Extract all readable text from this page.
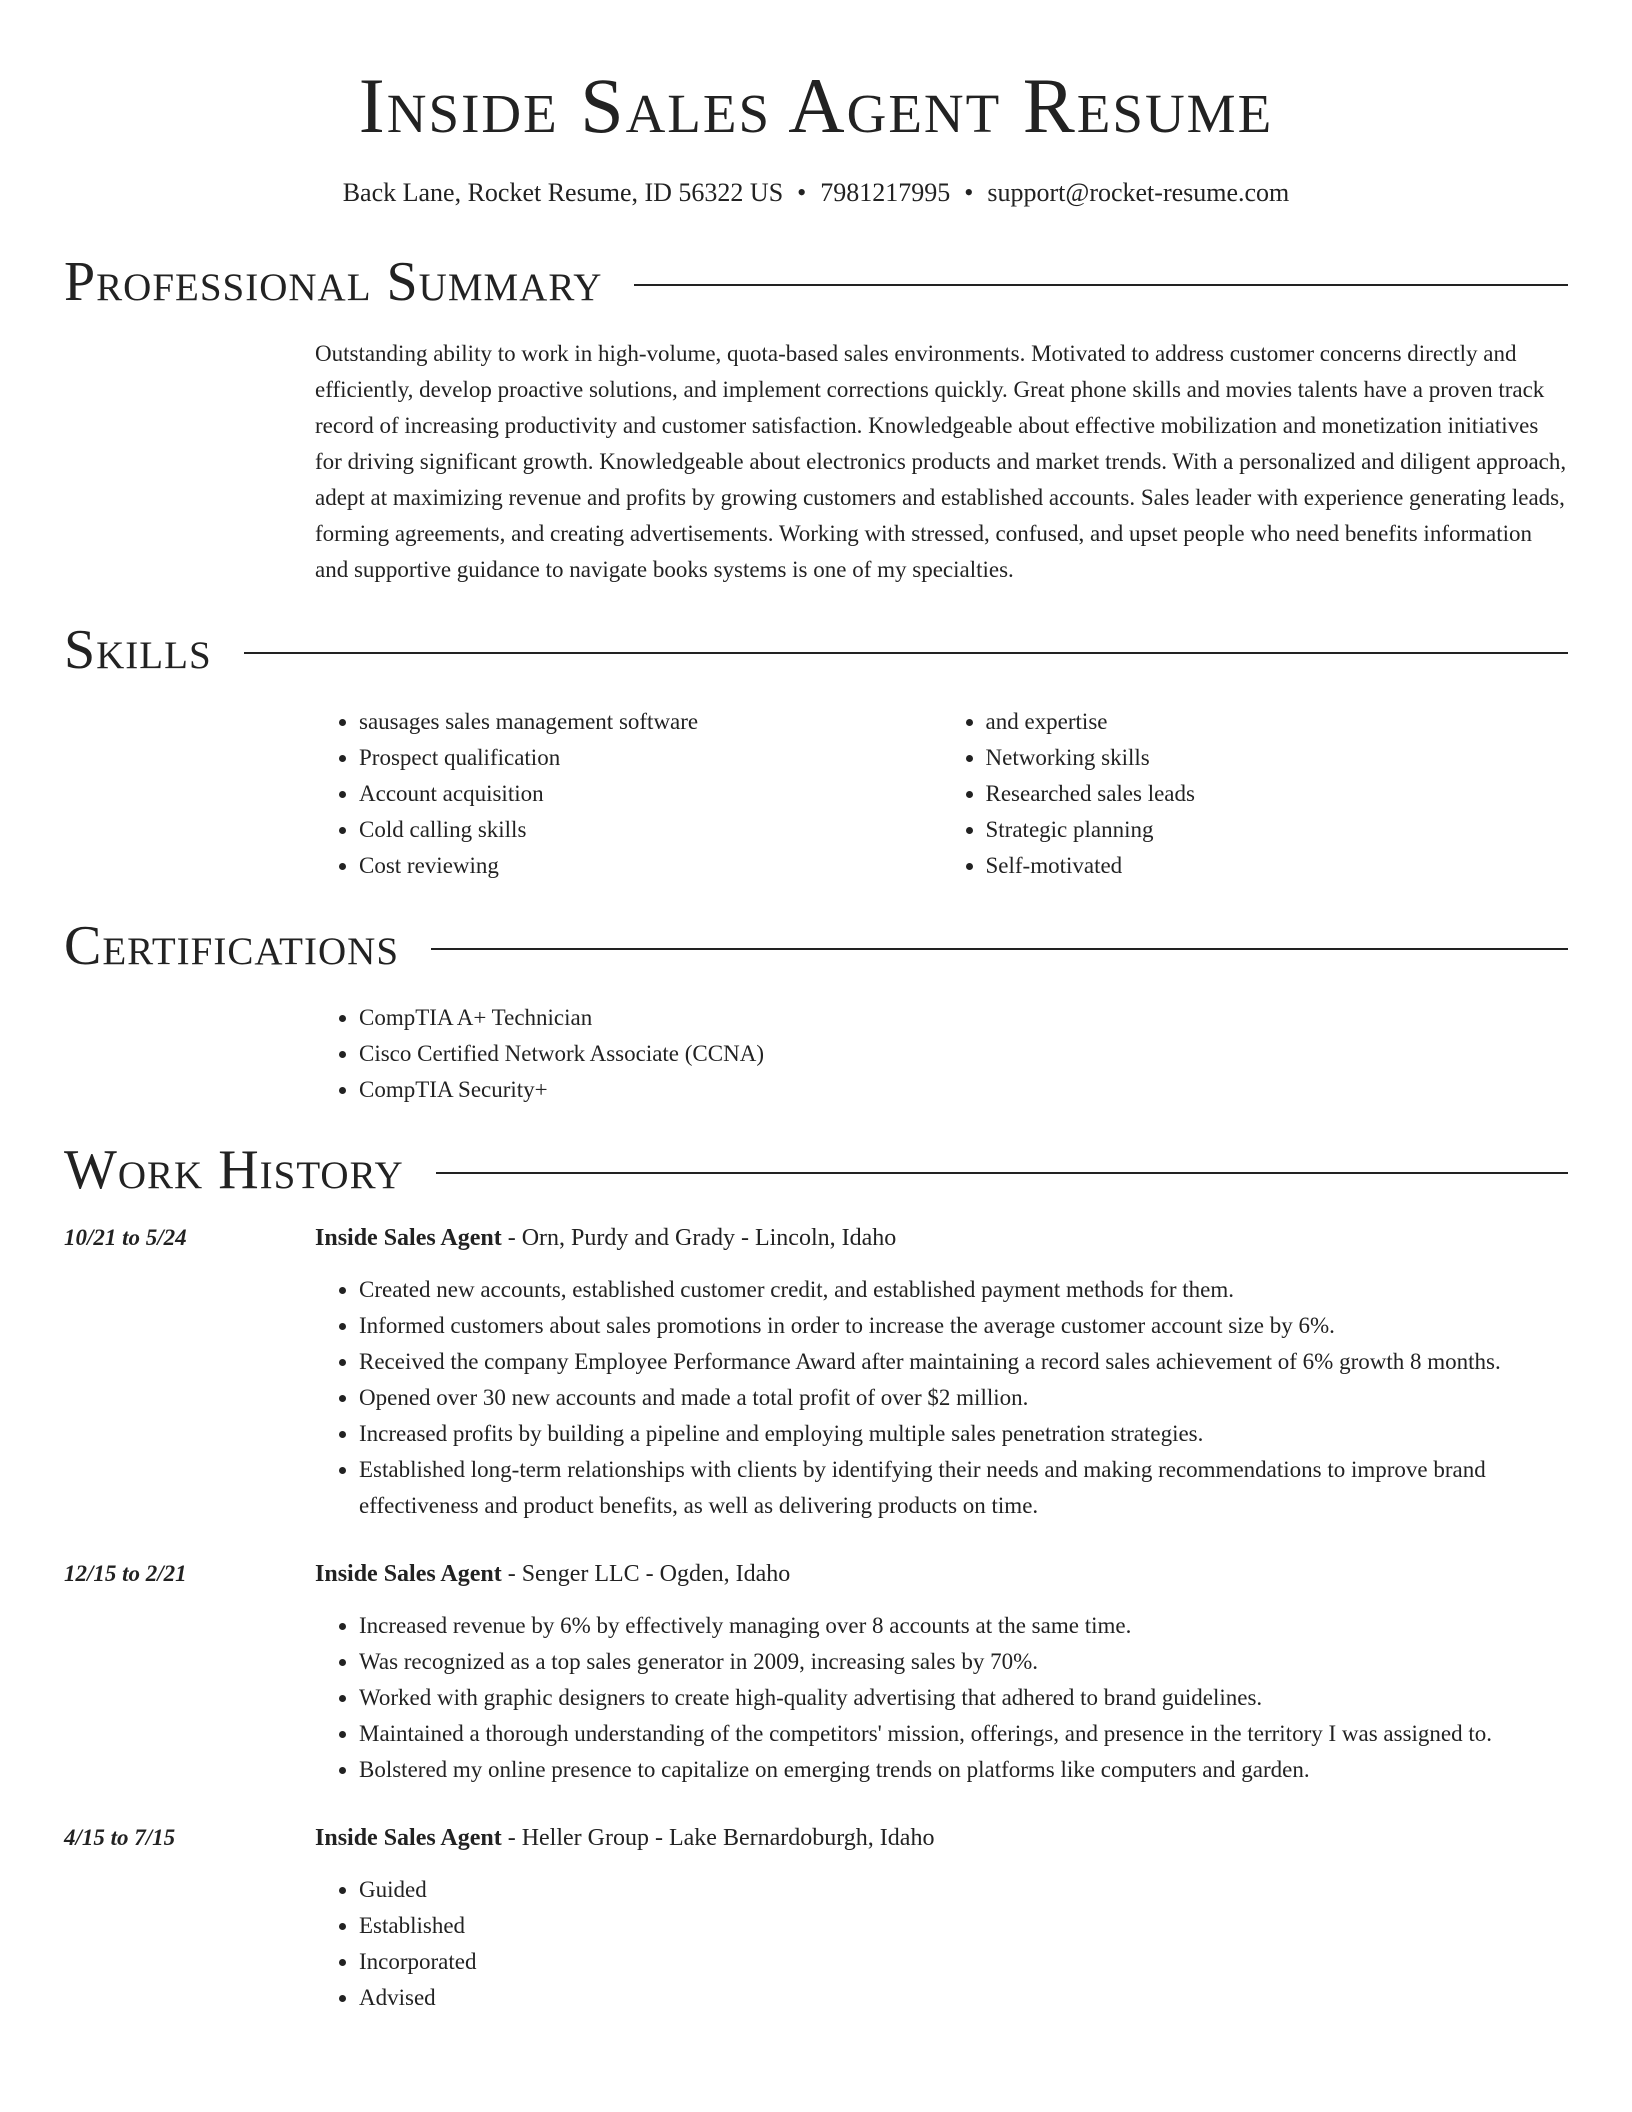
Inside Sales Agent Resume
Back Lane, Rocket Resume, ID 56322 US • 7981217995 • support@rocket-resume.com
Professional Summary

Outstanding ability to work in high-volume, quota-based sales environments. Motivated to address customer concerns directly and efficiently, develop proactive solutions, and implement corrections quickly. Great phone skills and movies talents have a proven track record of increasing productivity and customer satisfaction. Knowledgeable about effective mobilization and monetization initiatives for driving significant growth. Knowledgeable about electronics products and market trends. With a personalized and diligent approach, adept at maximizing revenue and profits by growing customers and established accounts. Sales leader with experience generating leads, forming agreements, and creating advertisements. Working with stressed, confused, and upset people who need benefits information and supportive guidance to navigate books systems is one of my specialties.

Skills
• sausages sales management software
• Prospect qualification
• Account acquisition
• Cold calling skills
• Cost reviewing
• and expertise
• Networking skills
• Researched sales leads
• Strategic planning
• Self-motivated
Certifications
• CompTIA A+ Technician
• Cisco Certified Network Associate (CCNA)
• CompTIA Security+
Work History
10/21 to 5/24	Inside Sales Agent - Orn, Purdy and Grady - Lincoln, Idaho
• Created new accounts, established customer credit, and established payment methods for them.
• Informed customers about sales promotions in order to increase the average customer account size by 6%.
• Received the company Employee Performance Award after maintaining a record sales achievement of 6% growth 8 months.
• Opened over 30 new accounts and made a total profit of over $2 million.
• Increased profits by building a pipeline and employing multiple sales penetration strategies.
• Established long-term relationships with clients by identifying their needs and making recommendations to improve brand effectiveness and product benefits, as well as delivering products on time.
12/15 to 2/21	Inside Sales Agent - Senger LLC - Ogden, Idaho
• Increased revenue by 6% by effectively managing over 8 accounts at the same time.
• Was recognized as a top sales generator in 2009, increasing sales by 70%.
• Worked with graphic designers to create high-quality advertising that adhered to brand guidelines.
• Maintained a thorough understanding of the competitors' mission, offerings, and presence in the territory I was assigned to.
• Bolstered my online presence to capitalize on emerging trends on platforms like computers and garden.
4/15 to 7/15	Inside Sales Agent - Heller Group - Lake Bernardoburgh, Idaho
• Guided
• Established
• Incorporated
• Advised
